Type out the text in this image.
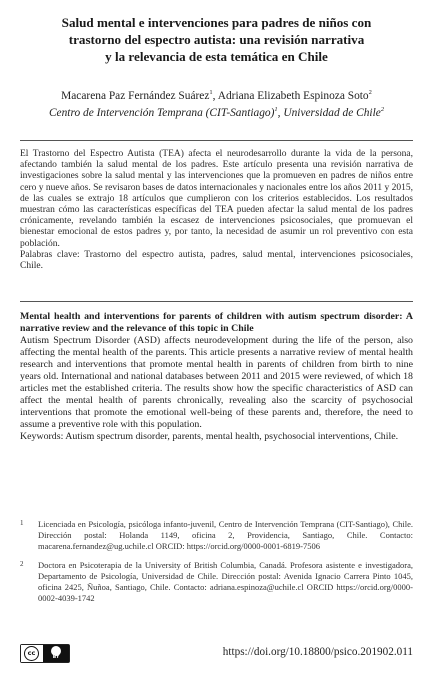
Salud mental e intervenciones para padres de niños con
trastorno del espectro autista: una revisión narrativa
y la relevancia de esta temática en Chile
Macarena Paz Fernández Suárez$^1$, Adriana Elizabeth Espinoza Soto$^2$
Centro de Intervención Temprana (CIT-Santiago)$^1$, Universidad de Chile$^2$

El Trastorno del Espectro Autista (TEA) afecta el neurodesarrollo durante la vida de la persona, afectando también la salud mental de los padres. Este artículo presenta una revisión narrativa de investigaciones sobre la salud mental y las intervenciones que la promueven en padres de niños entre cero y nueve años. Se revisaron bases de datos internacionales y nacionales entre los años 2011 y 2015, de las cuales se extrajo 18 artículos que cumplieron con los criterios establecidos. Los resultados muestran cómo las características específicas del TEA pueden afectar la salud mental de los padres crónicamente, revelando también la escasez de intervenciones psicosociales, que promuevan el bienestar emocional de estos padres y, por tanto, la necesidad de asumir un rol preventivo con esta población.

Palabras clave: Trastorno del espectro autista, padres, salud mental, intervenciones psicosociales, Chile.

Mental health and interventions for parents of children with autism spectrum disorder: A narrative review and the relevance of this topic in Chile

Autism Spectrum Disorder (ASD) affects neurodevelopment during the life of the person, also affecting the mental health of the parents. This article presents a narrative review of mental health research and interventions that promote mental health in parents of children from birth to nine years old. International and national databases between 2011 and 2015 were reviewed, of which 18 articles met the established criteria. The results show how the specific characteristics of ASD can affect the mental health of parents chronically, revealing also the scarcity of psychosocial interventions that promote the emotional well-being of these parents and, therefore, the need to assume a preventive role with this population.

Keywords: Autism spectrum disorder, parents, mental health, psychosocial interventions, Chile.

1 Licenciada en Psicología, psicóloga infanto-juvenil, Centro de Intervención Temprana (CIT-Santiago), Chile. Dirección postal: Holanda 1149, oficina 2, Providencia, Santiago, Chile. Contacto: macarena.fernandez@ug.uchile.cl ORCID: https://orcid.org/0000-0001-6819-7506
2 Doctora en Psicoterapia de la University of British Columbia, Canadá. Profesora asistente e investigadora, Departamento de Psicología, Universidad de Chile. Dirección postal: Avenida Ignacio Carrera Pinto 1045, oficina 2425, Ñuñoa, Santiago, Chile. Contacto: adriana.espinoza@uchile.cl ORCID https://orcid.org/0000-0002-4039-1742
cc
BY	https://doi.org/10.18800/psico.201902.011
